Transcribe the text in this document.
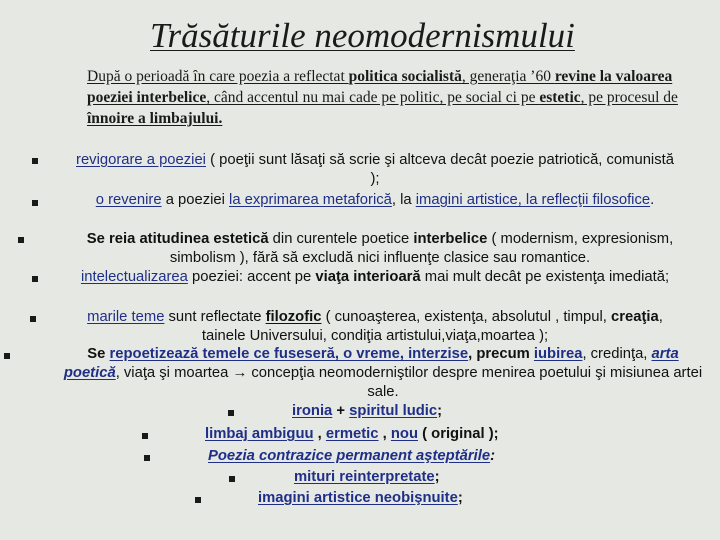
Trăsăturile neomodernismului
După o perioadă în care poezia a reflectat politica socialistă, generaţia ’60 revine la valoarea poeziei interbelice, când accentul nu mai cade pe politic, pe social ci pe estetic, pe procesul de înnoire a limbajului.
revigorare a poeziei ( poeţii sunt lăsaţi să scrie şi altceva decât poezie patriotică, comunistă );
o revenire a poeziei la exprimarea metaforică, la imagini artistice, la reflecţii filosofice.
Se reia atitudinea estetică din curentele poetice interbelice ( modernism, expresionism, simbolism ), fără să excludă nici influenţe clasice sau romantice.
intelectualizarea poeziei: accent pe viaţa interioară mai mult decât pe existenţa imediată;
marile teme sunt reflectate filozofic ( cunoaşterea, existenţa, absolutul , timpul, creaţia, tainele Universului, condiţia artistului,viaţa,moartea );
Se repoetizează temele ce fuseseră, o vreme, interzise, precum iubirea, credinţa, arta poetică, viaţa şi moartea → concepţia neomoderniştilor despre menirea poetului şi misiunea artei sale.
ironia + spiritul ludic;
limbaj ambiguu , ermetic , nou ( original );
Poezia contrazice permanent aşteptările:
mituri reinterpretate;
imagini artistice neobişnuite;
